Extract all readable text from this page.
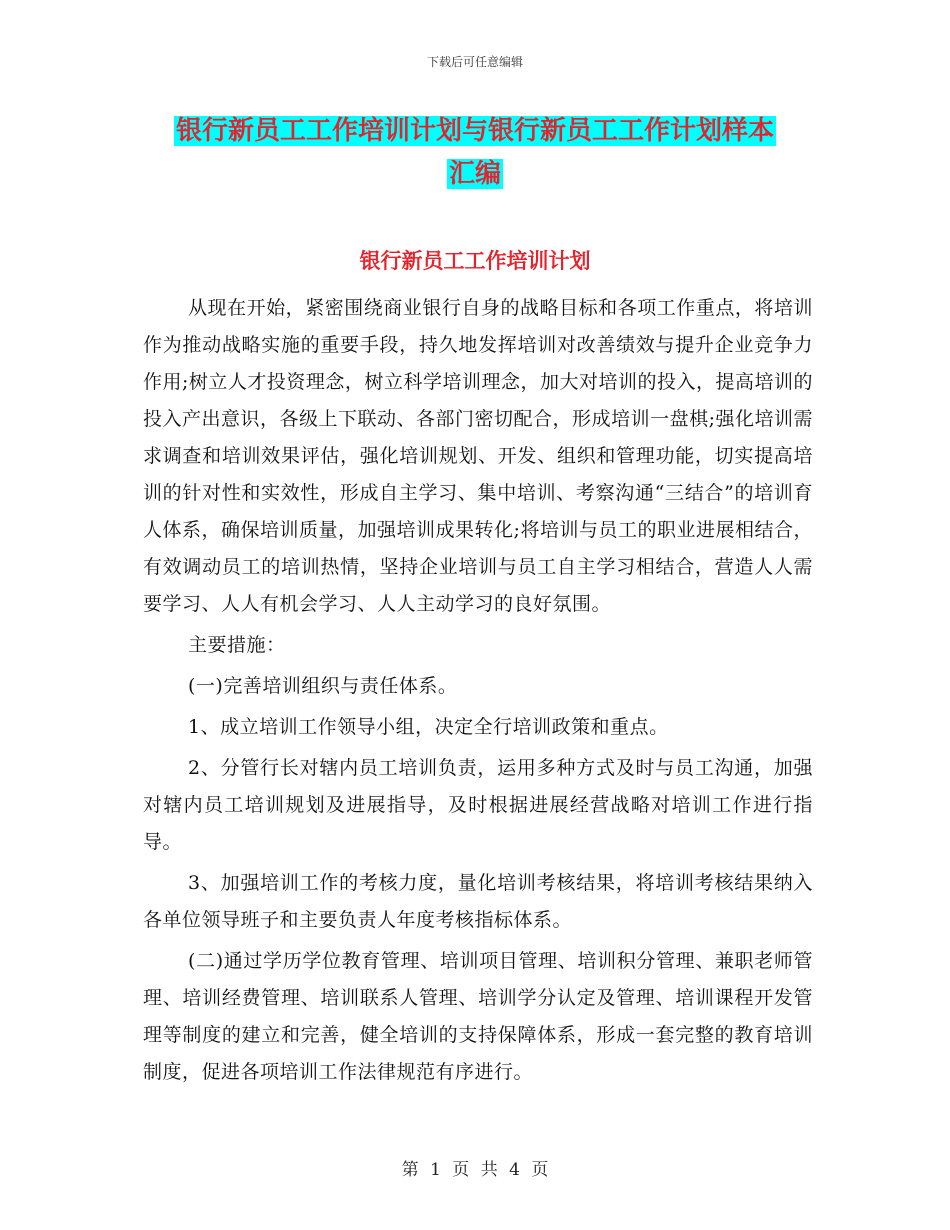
下载后可任意编辑
银行新员工工作培训计划与银行新员工工作计划样本
汇编
银行新员工工作培训计划

从现在开始，紧密围绕商业银行自身的战略目标和各项工作重点，将培训作为推动战略实施的重要手段，持久地发挥培训对改善绩效与提升企业竞争力作用;树立人才投资理念，树立科学培训理念，加大对培训的投入，提高培训的投入产出意识，各级上下联动、各部门密切配合，形成培训一盘棋;强化培训需求调查和培训效果评估，强化培训规划、开发、组织和管理功能，切实提高培训的针对性和实效性，形成自主学习、集中培训、考察沟通“三结合”的培训育人体系，确保培训质量，加强培训成果转化;将培训与员工的职业进展相结合，有效调动员工的培训热情，坚持企业培训与员工自主学习相结合，营造人人需要学习、人人有机会学习、人人主动学习的良好氛围。

主要措施：

(一)完善培训组织与责任体系。

1、成立培训工作领导小组，决定全行培训政策和重点。

2、分管行长对辖内员工培训负责，运用多种方式及时与员工沟通，加强对辖内员工培训规划及进展指导，及时根据进展经营战略对培训工作进行指导。

3、加强培训工作的考核力度，量化培训考核结果，将培训考核结果纳入各单位领导班子和主要负责人年度考核指标体系。

(二)通过学历学位教育管理、培训项目管理、培训积分管理、兼职老师管理、培训经费管理、培训联系人管理、培训学分认定及管理、培训课程开发管理等制度的建立和完善，健全培训的支持保障体系，形成一套完整的教育培训制度，促进各项培训工作法律规范有序进行。

第 1 页 共 4 页
